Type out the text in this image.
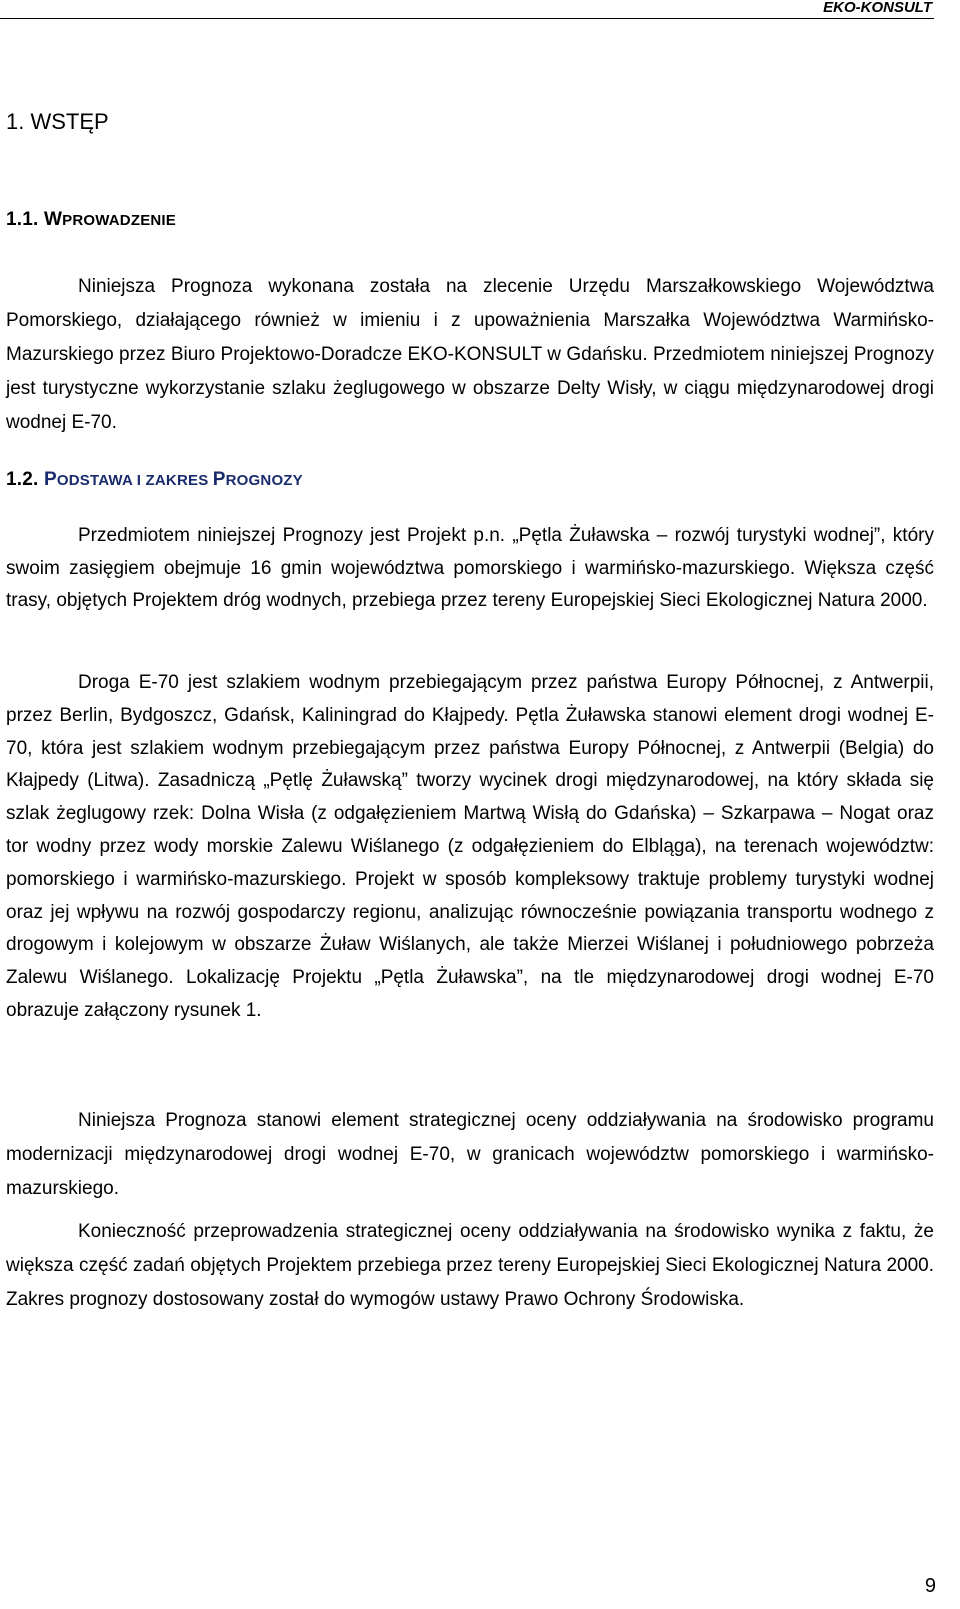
EKO-KONSULT
1. WSTĘP
1.1. WPROWADZENIE

Niniejsza Prognoza wykonana została na zlecenie Urzędu Marszałkowskiego Województwa Pomorskiego, działającego również w imieniu i z upoważnienia Marszałka Województwa Warmińsko-Mazurskiego przez Biuro Projektowo-Doradcze EKO-KONSULT w Gdańsku. Przedmiotem niniejszej Prognozy jest turystyczne wykorzystanie szlaku żeglugowego w obszarze Delty Wisły, w ciągu międzynarodowej drogi wodnej E-70.

1.2. PODSTAWA I ZAKRES PROGNOZY

Przedmiotem niniejszej Prognozy jest Projekt p.n. „Pętla Żuławska – rozwój turystyki wodnej”, który swoim zasięgiem obejmuje 16 gmin województwa pomorskiego i warmińsko-mazurskiego. Większa część trasy, objętych Projektem dróg wodnych, przebiega przez tereny Europejskiej Sieci Ekologicznej Natura 2000.

Droga E-70 jest szlakiem wodnym przebiegającym przez państwa Europy Północnej, z Antwerpii, przez Berlin, Bydgoszcz, Gdańsk, Kaliningrad do Kłajpedy. Pętla Żuławska stanowi element drogi wodnej E-70, która jest szlakiem wodnym przebiegającym przez państwa Europy Północnej, z Antwerpii (Belgia) do Kłajpedy (Litwa). Zasadniczą „Pętlę Żuławską” tworzy wycinek drogi międzynarodowej, na który składa się szlak żeglugowy rzek: Dolna Wisła (z odgałęzieniem Martwą Wisłą do Gdańska) – Szkarpawa – Nogat oraz tor wodny przez wody morskie Zalewu Wiślanego (z odgałęzieniem do Elbląga), na terenach województw: pomorskiego i warmińsko-mazurskiego. Projekt w sposób kompleksowy traktuje problemy turystyki wodnej oraz jej wpływu na rozwój gospodarczy regionu, analizując równocześnie powiązania transportu wodnego z drogowym i kolejowym w obszarze Żuław Wiślanych, ale także Mierzei Wiślanej i południowego pobrzeża Zalewu Wiślanego. Lokalizację Projektu „Pętla Żuławska”, na tle międzynarodowej drogi wodnej E-70 obrazuje załączony rysunek 1.

Niniejsza Prognoza stanowi element strategicznej oceny oddziaływania na środowisko programu modernizacji międzynarodowej drogi wodnej E-70, w granicach województw pomorskiego i warmińsko-mazurskiego.

Konieczność przeprowadzenia strategicznej oceny oddziaływania na środowisko wynika z faktu, że większa część zadań objętych Projektem przebiega przez tereny Europejskiej Sieci Ekologicznej Natura 2000. Zakres prognozy dostosowany został do wymogów ustawy Prawo Ochrony Środowiska.

9
